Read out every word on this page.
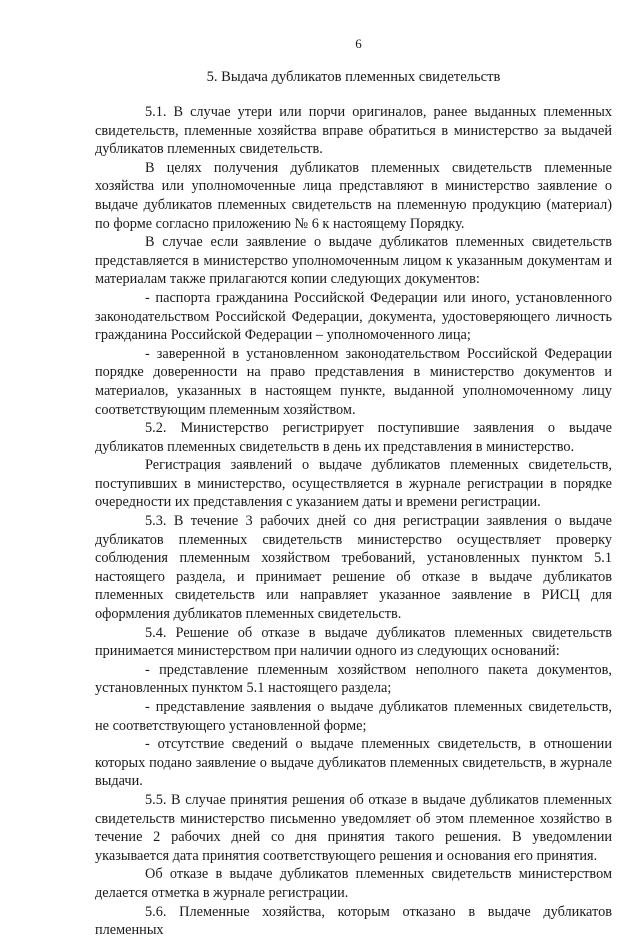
6
5. Выдача дубликатов племенных свидетельств

5.1. В случае утери или порчи оригиналов, ранее выданных племенных свидетельств, племенные хозяйства вправе обратиться в министерство за выдачей дубликатов племенных свидетельств.

В целях получения дубликатов племенных свидетельств племенные хозяйства или уполномоченные лица представляют в министерство заявление о выдаче дубликатов племенных свидетельств на племенную продукцию (материал) по форме согласно приложению № 6 к настоящему Порядку.

В случае если заявление о выдаче дубликатов племенных свидетельств представляется в министерство уполномоченным лицом к указанным документам и материалам также прилагаются копии следующих документов:

- паспорта гражданина Российской Федерации или иного, установленного законодательством Российской Федерации, документа, удостоверяющего личность гражданина Российской Федерации – уполномоченного лица;

- заверенной в установленном законодательством Российской Федерации порядке доверенности на право представления в министерство документов и материалов, указанных в настоящем пункте, выданной уполномоченному лицу соответствующим племенным хозяйством.

5.2. Министерство регистрирует поступившие заявления о выдаче дубликатов племенных свидетельств в день их представления в министерство.

Регистрация заявлений о выдаче дубликатов племенных свидетельств, поступивших в министерство, осуществляется в журнале регистрации в порядке очередности их представления с указанием даты и времени регистрации.

5.3. В течение 3 рабочих дней со дня регистрации заявления о выдаче дубликатов племенных свидетельств министерство осуществляет проверку соблюдения племенным хозяйством требований, установленных пунктом 5.1 настоящего раздела, и принимает решение об отказе в выдаче дубликатов племенных свидетельств или направляет указанное заявление в РИСЦ для оформления дубликатов племенных свидетельств.

5.4. Решение об отказе в выдаче дубликатов племенных свидетельств принимается министерством при наличии одного из следующих оснований:

- представление племенным хозяйством неполного пакета документов, установленных пунктом 5.1 настоящего раздела;

- представление заявления о выдаче дубликатов племенных свидетельств, не соответствующего установленной форме;

- отсутствие сведений о выдаче племенных свидетельств, в отношении которых подано заявление о выдаче дубликатов племенных свидетельств, в журнале выдачи.

5.5. В случае принятия решения об отказе в выдаче дубликатов племенных свидетельств министерство письменно уведомляет об этом племенное хозяйство в течение 2 рабочих дней со дня принятия такого решения. В уведомлении указывается дата принятия соответствующего решения и основания его принятия.

Об отказе в выдаче дубликатов племенных свидетельств министерством делается отметка в журнале регистрации.

5.6. Племенные хозяйства, которым отказано в выдаче дубликатов племенных
